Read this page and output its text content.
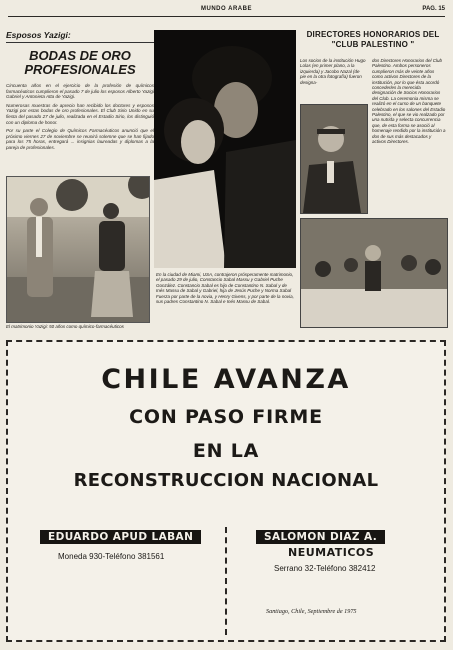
MUNDO ARABE	PAG. 15
Esposos Yazigi:
BODAS DE ORO PROFESIONALES

Cincuenta años en el ejercicio de la profesión de químicos farmacéuticos cumplieron el pasado 7 de julio los esposos Alberto Yazigi Gabriel y Antonieta Atta de Yazigi.

Numerosas muestras de aprecio han recibido los doctores y esposos Yazigi por estas bodas de oro profesionales. El Club Sirio Unido en su fiesta del pasado 27 de julio, realizada en el Estadio Sirio, los distinguió con un diploma de honor.

Por su parte el Colegio de Químicos Farmacéuticos anunció que el próximo viernes 27 de noviembre se reunirá solemne que se han fijado para los 75 horas, entregará ... insignias laureadas y diplomas a la pareja de profesionales.

El matrimonio Yazigi: 50 años como químico-farmacéuticos
En la ciudad de Miami, USA, contrajeron prósperamente matrimonio, el pasado 29 de julio, Constancio Sabal Massu y Gabriel Puche González. Constancio Sabal es hijo de Constantino N. Sabal y de Inés Massu de Sabal y Gabriel, hija de Jesús Puche y Norma Sabal Fuerza por parte de la novia, y Henry Givens, y por parte de la novia, sus padres Constantino N. Sabal e Inés Massu de Sabal.
DIRECTORES HONORARIOS DEL "CLUB PALESTINO "
Los socios de la institución Hugo Lolas (en primer plano, a la izquierda) y Jacobo Nazal (de pie en la otra fotografía) fueron designa-
dos Directores Honorarios del Club Palestino. Ambos personeros cumplieron más de veinte años como activos Directores de la institución, por lo que ésta acordó concederles la merecida designación de Socios Honorarios del Club. La ceremonia misma se realizó en el curso de un banquete celebrado en los salones del Estadio Palestino, el que se vio realzado por una nutrida y selecta concurrencia que, de esta forma se asoció al homenaje rendido por la institución a dos de sus más destacados y activos Directores.
CHILE AVANZA
CON PASO FIRME
EN LA
RECONSTRUCCION NACIONAL
EDUARDO APUD LABAN
Moneda 930-Teléfono 381561
SALOMON DIAZ A.
NEUMATICOS
Serrano 32-Teléfono 382412
Santiago, Chile, Septiembre de 1975
